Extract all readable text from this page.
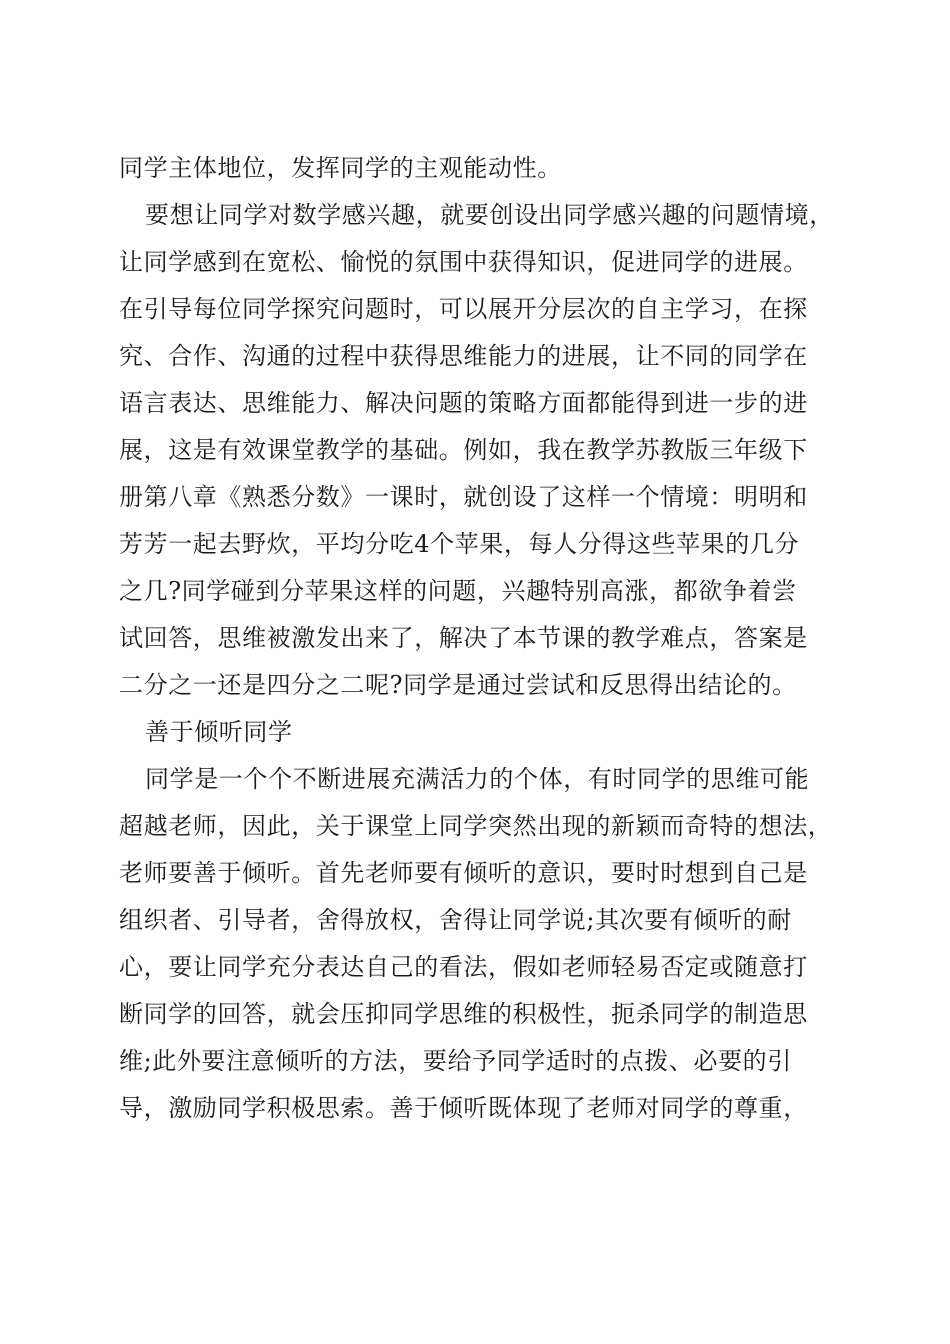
同学主体地位，发挥同学的主观能动性。
要想让同学对数学感兴趣，就要创设出同学感兴趣的问题情境，
让同学感到在宽松、愉悦的氛围中获得知识，促进同学的进展。
在引导每位同学探究问题时，可以展开分层次的自主学习，在探
究、合作、沟通的过程中获得思维能力的进展，让不同的同学在
语言表达、思维能力、解决问题的策略方面都能得到进一步的进
展，这是有效课堂教学的基础。例如，我在教学苏教版三年级下
册第八章《熟悉分数》一课时，就创设了这样一个情境：明明和
芳芳一起去野炊，平均分吃4个苹果，每人分得这些苹果的几分
之几?同学碰到分苹果这样的问题，兴趣特别高涨，都欲争着尝
试回答，思维被激发出来了，解决了本节课的教学难点，答案是
二分之一还是四分之二呢?同学是通过尝试和反思得出结论的。
善于倾听同学
同学是一个个不断进展充满活力的个体，有时同学的思维可能
超越老师，因此，关于课堂上同学突然出现的新颖而奇特的想法，
老师要善于倾听。首先老师要有倾听的意识，要时时想到自己是
组织者、引导者，舍得放权，舍得让同学说;其次要有倾听的耐
心，要让同学充分表达自己的看法，假如老师轻易否定或随意打
断同学的回答，就会压抑同学思维的积极性，扼杀同学的制造思
维;此外要注意倾听的方法，要给予同学适时的点拨、必要的引
导，激励同学积极思索。善于倾听既体现了老师对同学的尊重，
